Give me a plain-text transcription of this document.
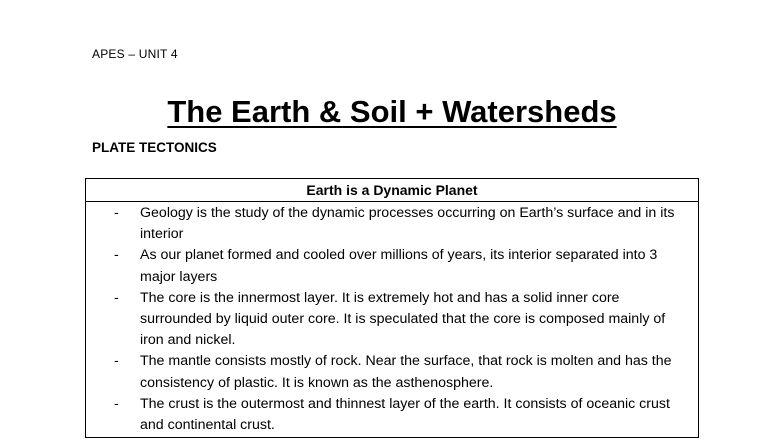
APES – UNIT 4
The Earth & Soil + Watersheds
PLATE TECTONICS
Earth is a Dynamic Planet

- Geology is the study of the dynamic processes occurring on Earth’s surface and in its interior
- As our planet formed and cooled over millions of years, its interior separated into 3 major layers
- The core is the innermost layer. It is extremely hot and has a solid inner core surrounded by liquid outer core. It is speculated that the core is composed mainly of iron and nickel.
- The mantle consists mostly of rock. Near the surface, that rock is molten and has the consistency of plastic. It is known as the asthenosphere.
- The crust is the outermost and thinnest layer of the earth. It consists of oceanic crust and continental crust.
